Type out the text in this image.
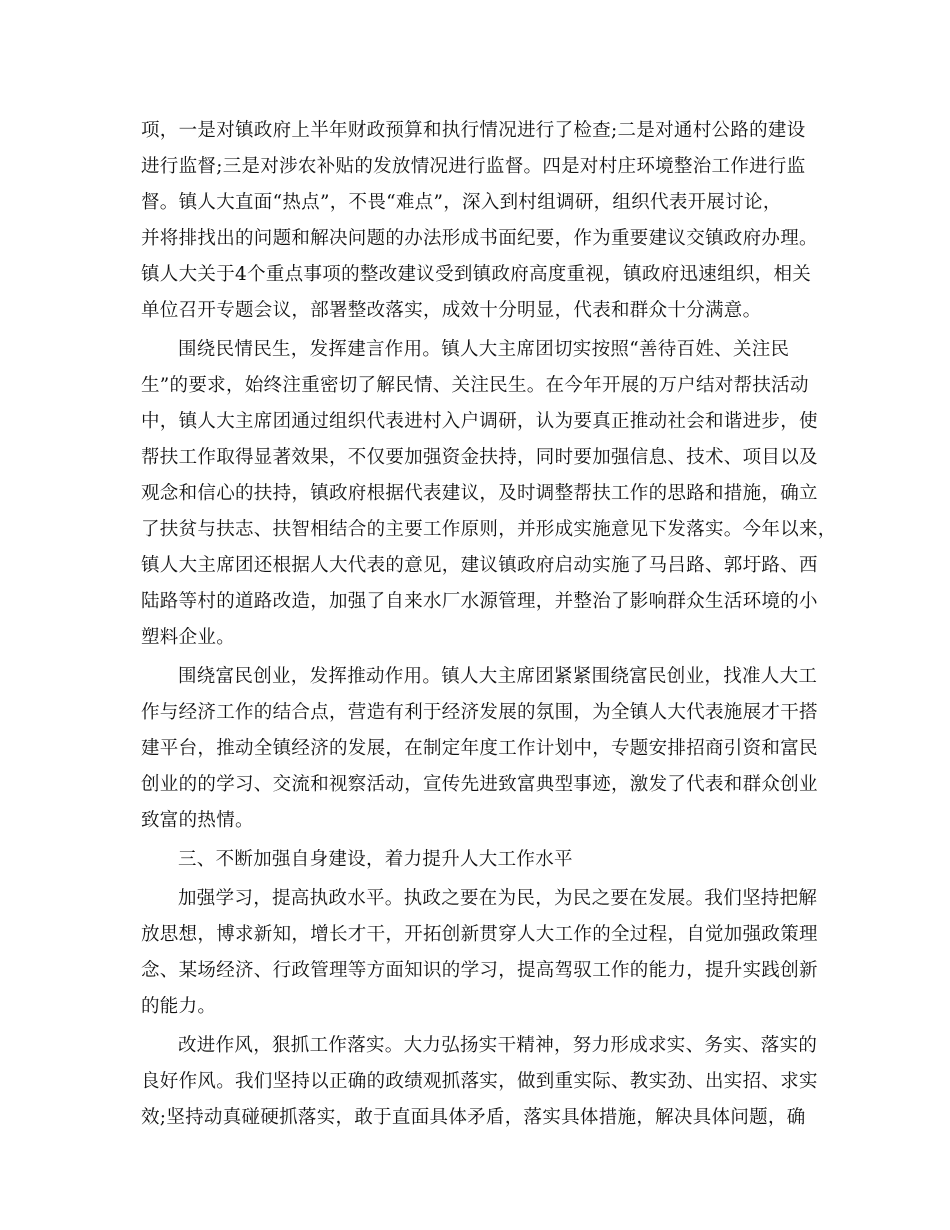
项，一是对镇政府上半年财政预算和执行情况进行了检查;二是对通村公路的建设
进行监督;三是对涉农补贴的发放情况进行监督。四是对村庄环境整治工作进行监
督。镇人大直面“热点”，不畏“难点”，深入到村组调研，组织代表开展讨论，
并将排找出的问题和解决问题的办法形成书面纪要，作为重要建议交镇政府办理。
镇人大关于4个重点事项的整改建议受到镇政府高度重视，镇政府迅速组织，相关
单位召开专题会议，部署整改落实，成效十分明显，代表和群众十分满意。
围绕民情民生，发挥建言作用。镇人大主席团切实按照“善待百姓、关注民
生”的要求，始终注重密切了解民情、关注民生。在今年开展的万户结对帮扶活动
中，镇人大主席团通过组织代表进村入户调研，认为要真正推动社会和谐进步，使
帮扶工作取得显著效果，不仅要加强资金扶持，同时要加强信息、技术、项目以及
观念和信心的扶持，镇政府根据代表建议，及时调整帮扶工作的思路和措施，确立
了扶贫与扶志、扶智相结合的主要工作原则，并形成实施意见下发落实。今年以来，
镇人大主席团还根据人大代表的意见，建议镇政府启动实施了马吕路、郭圩路、西
陆路等村的道路改造，加强了自来水厂水源管理，并整治了影响群众生活环境的小
塑料企业。
围绕富民创业，发挥推动作用。镇人大主席团紧紧围绕富民创业，找准人大工
作与经济工作的结合点，营造有利于经济发展的氛围，为全镇人大代表施展才干搭
建平台，推动全镇经济的发展，在制定年度工作计划中，专题安排招商引资和富民
创业的的学习、交流和视察活动，宣传先进致富典型事迹，激发了代表和群众创业
致富的热情。
三、不断加强自身建设，着力提升人大工作水平
加强学习，提高执政水平。执政之要在为民，为民之要在发展。我们坚持把解
放思想，博求新知，增长才干，开拓创新贯穿人大工作的全过程，自觉加强政策理
念、某场经济、行政管理等方面知识的学习，提高驾驭工作的能力，提升实践创新
的能力。
改进作风，狠抓工作落实。大力弘扬实干精神，努力形成求实、务实、落实的
良好作风。我们坚持以正确的政绩观抓落实，做到重实际、教实劲、出实招、求实
效;坚持动真碰硬抓落实，敢于直面具体矛盾，落实具体措施，解决具体问题，确
